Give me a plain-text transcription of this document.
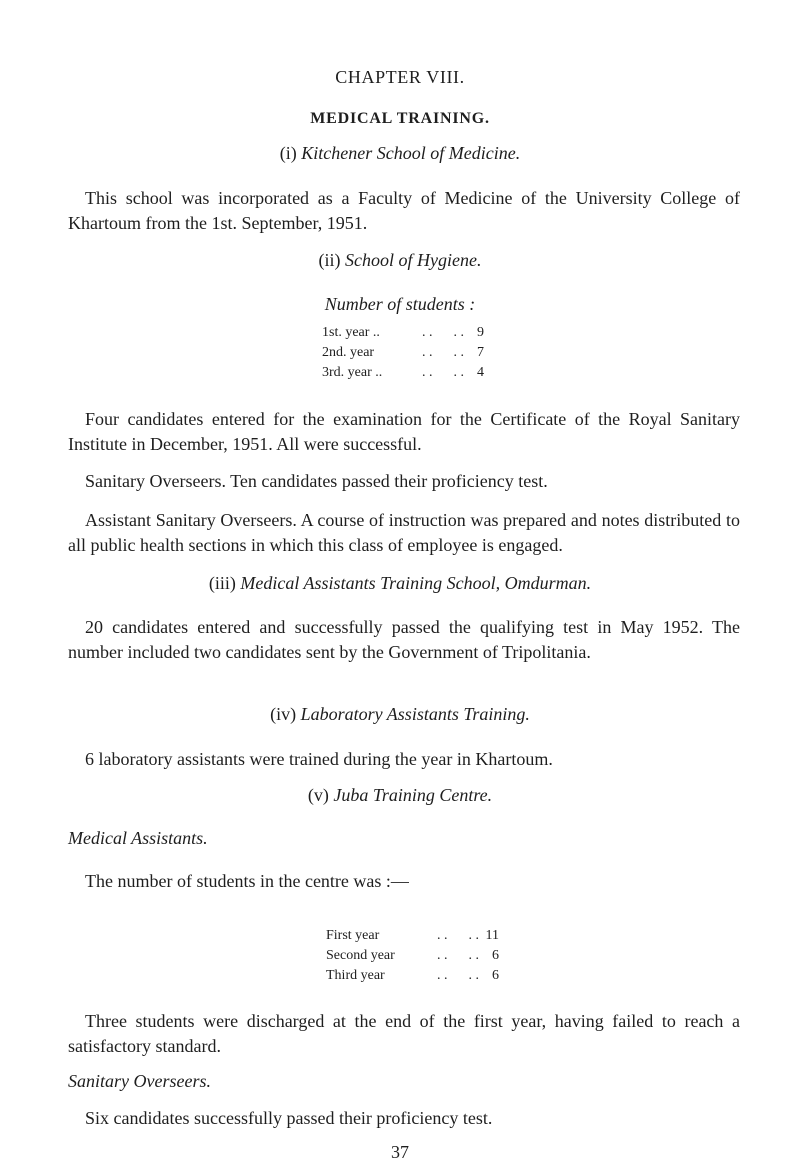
CHAPTER VIII.
MEDICAL TRAINING.
(i) Kitchener School of Medicine.
This school was incorporated as a Faculty of Medicine of the University College of Khartoum from the 1st. September, 1951.
(ii) School of Hygiene.
Number of students :
1st. year ..	. .      . .	9
2nd. year	. .      . .	7
3rd. year ..	. .      . .	4
Four candidates entered for the examination for the Certificate of the Royal Sanitary Institute in December, 1951. All were successful.
Sanitary Overseers. Ten candidates passed their proficiency test.
Assistant Sanitary Overseers. A course of instruction was prepared and notes distributed to all public health sections in which this class of employee is engaged.
(iii) Medical Assistants Training School, Omdurman.
20 candidates entered and successfully passed the qualifying test in May 1952. The number included two candidates sent by the Government of Tripolitania.
(iv) Laboratory Assistants Training.
6 laboratory assistants were trained during the year in Khartoum.
(v) Juba Training Centre.
Medical Assistants.
The number of students in the centre was :—
First year	. .      . .	11
Second year	. .      . .	6
Third year	. .      . .	6
Three students were discharged at the end of the first year, having failed to reach a satisfactory standard.
Sanitary Overseers.
Six candidates successfully passed their proficiency test.
37
